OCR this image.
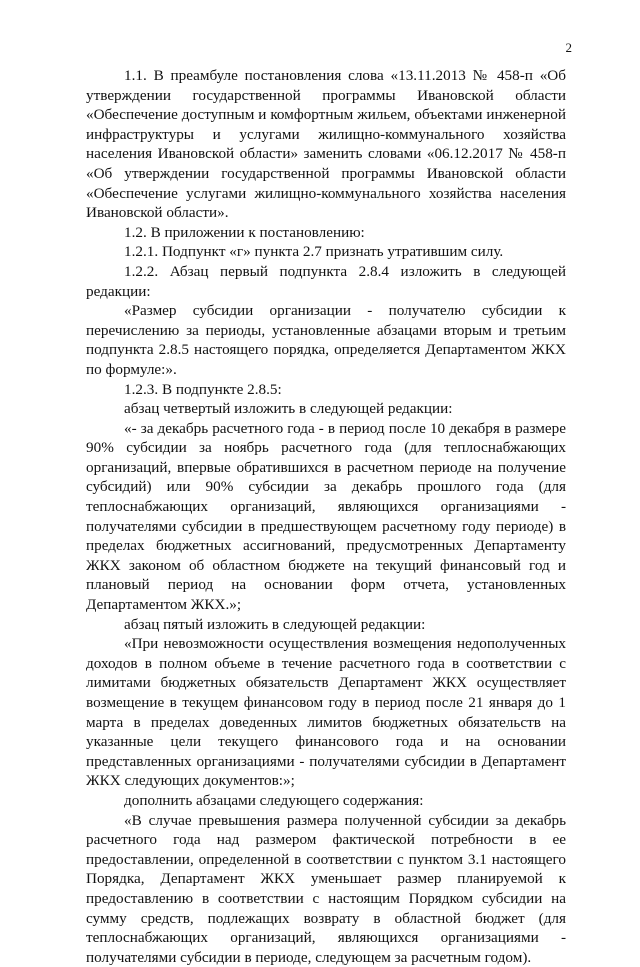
2

1.1. В преамбуле постановления слова «13.11.2013 № 458-п «Об утверждении государственной программы Ивановской области «Обеспечение доступным и комфортным жильем, объектами инженерной инфраструктуры и услугами жилищно-коммунального хозяйства населения Ивановской области» заменить словами «06.12.2017 № 458-п «Об утверждении государственной программы Ивановской области «Обеспечение услугами жилищно-коммунального хозяйства населения Ивановской области».

1.2. В приложении к постановлению:

1.2.1. Подпункт «г» пункта 2.7 признать утратившим силу.

1.2.2. Абзац первый подпункта 2.8.4 изложить в следующей редакции:

«Размер субсидии организации - получателю субсидии к перечислению за периоды, установленные абзацами вторым и третьим подпункта 2.8.5 настоящего порядка, определяется Департаментом ЖКХ по формуле:».

1.2.3. В подпункте 2.8.5:

абзац четвертый изложить в следующей редакции:

«- за декабрь расчетного года - в период после 10 декабря в размере 90% субсидии за ноябрь расчетного года (для теплоснабжающих организаций, впервые обратившихся в расчетном периоде на получение субсидий) или 90% субсидии за декабрь прошлого года (для теплоснабжающих организаций, являющихся организациями - получателями субсидии в предшествующем расчетному году периоде) в пределах бюджетных ассигнований, предусмотренных Департаменту ЖКХ законом об областном бюджете на текущий финансовый год и плановый период на основании форм отчета, установленных Департаментом ЖКХ.»;

абзац пятый изложить в следующей редакции:

«При невозможности осуществления возмещения недополученных доходов в полном объеме в течение расчетного года в соответствии с лимитами бюджетных обязательств Департамент ЖКХ осуществляет возмещение в текущем финансовом году в период после 21 января до 1 марта в пределах доведенных лимитов бюджетных обязательств на указанные цели текущего финансового года и на основании представленных организациями - получателями субсидии в Департамент ЖКХ следующих документов:»;

дополнить абзацами следующего содержания:

«В случае превышения размера полученной субсидии за декабрь расчетного года над размером фактической потребности в ее предоставлении, определенной в соответствии с пунктом 3.1 настоящего Порядка, Департамент ЖКХ уменьшает размер планируемой к предоставлению в соответствии с настоящим Порядком субсидии на сумму средств, подлежащих возврату в областной бюджет (для теплоснабжающих организаций, являющихся организациями - получателями субсидии в периоде, следующем за расчетным годом).
